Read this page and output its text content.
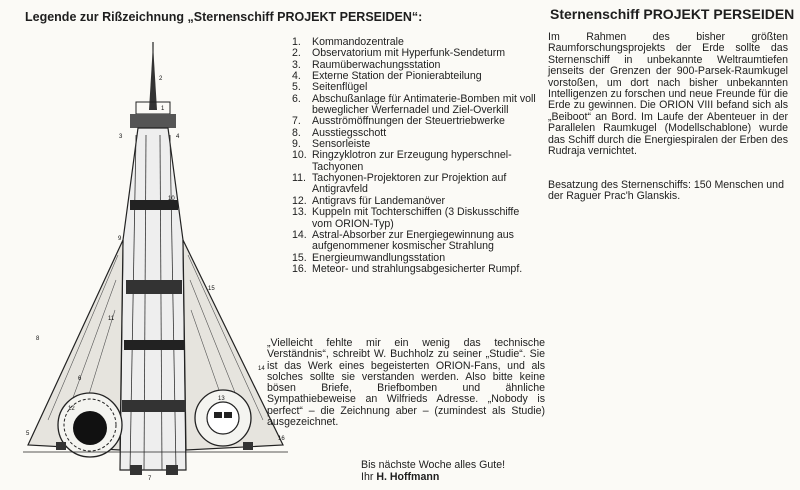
Legende zur Rißzeichnung „Sternenschiff PROJEKT PERSEIDEN“:
1
2
3	4
5
6
7
8
9
10
11
12
13
14
15
16
1.	Kommandozentrale
2.	Observatorium mit Hyperfunk-Sendeturm
3.	Raumüberwachungsstation
4.	Externe Station der Pionierabteilung
5.	Seitenflügel
6.	Abschußanlage für Antimaterie-Bomben mit voll beweglicher Werfernadel und Ziel-Overkill
7.	Ausströmöffnungen der Steuertriebwerke
8.	Ausstiegsschott
9.	Sensorleiste
10. Ringzyklotron zur Erzeugung hyperschnel-Tachyonen
11. Tachyonen-Projektoren zur Projektion auf Antigravfeld
12. Antigravs für Landemanöver
13. Kuppeln mit Tochterschiffen (3 Diskusschiffe vom ORION-Typ)
14. Astral-Absorber zur Energiegewinnung aus aufgenommener kosmischer Strahlung
15. Energieumwandlungsstation
16. Meteor- und strahlungsabgesicherter Rumpf.

„Vielleicht fehlte mir ein wenig das technische Verständnis“, schreibt W. Buchholz zu seiner „Studie“. Sie ist das Werk eines begeisterten ORION-Fans, und als solches sollte sie verstanden werden. Also bitte keine bösen Briefe, Briefbomben und ähnliche Sympathiebeweise an Wilfrieds Adresse. „Nobody is perfect“ – die Zeichnung aber – (zumindest als Studie) ausgezeichnet.

Bis nächste Woche alles Gute!
Ihr H. Hoffmann
Sternenschiff PROJEKT PERSEIDEN

Im Rahmen des bisher größten Raumforschungsprojekts der Erde sollte das Sternenschiff in unbekannte Weltraumtiefen jenseits der Grenzen der 900-Parsek-Raumkugel vorstoßen, um dort nach bisher unbekannten Intelligenzen zu forschen und neue Freunde für die Erde zu gewinnen. Die ORION VIII befand sich als „Beiboot“ an Bord. Im Laufe der Abenteuer in der Parallelen Raumkugel (Modellschablone) wurde das Schiff durch die Energiespiralen der Erben des Rudraja vernichtet.

Besatzung des Sternenschiffs: 150 Menschen und der Raguer Prac'h Glanskis.
